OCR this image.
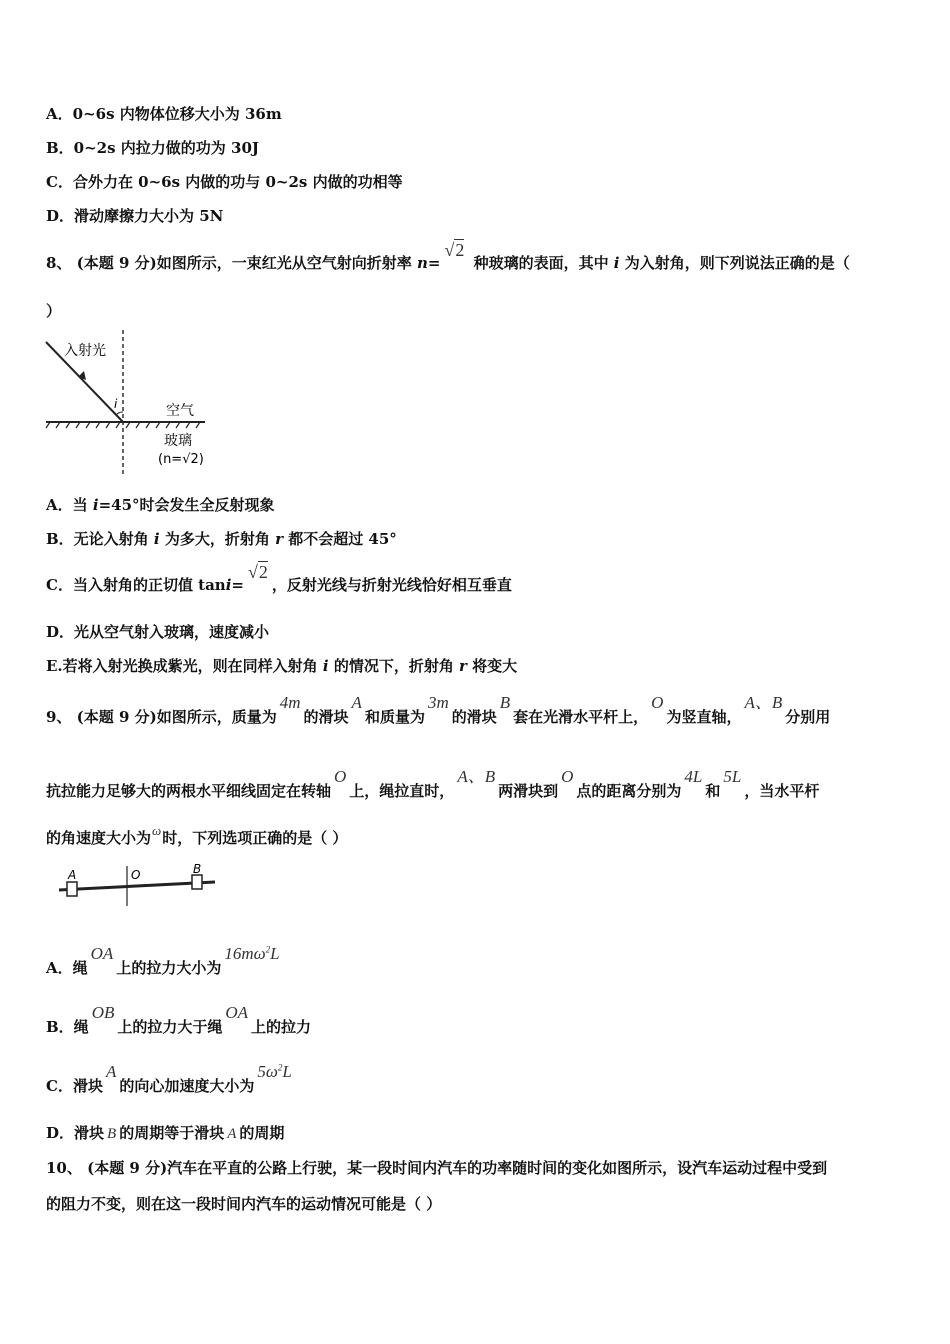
A．0~6s 内物体位移大小为 36m
B．0~2s 内拉力做的功为 30J
C．合外力在 0~6s 内做的功与 0~2s 内做的功相等
D．滑动摩擦力大小为 5N
8、 (本题 9 分)如图所示，一束红光从空气射向折射率 n=√2 种玻璃的表面，其中 i 为入射角，则下列说法正确的是（
）
入射光
i	空气
玻璃
(n=√2)
A．当 i=45°时会发生全反射现象
B．无论入射角 i 为多大，折射角 r 都不会超过 45°
C．当入射角的正切值 tani=√2，反射光线与折射光线恰好相互垂直
D．光从空气射入玻璃，速度减小
E.若将入射光换成紫光，则在同样入射角 i 的情况下，折射角 r 将变大
9、 (本题 9 分)如图所示，质量为4m的滑块A和质量为3m的滑块B套在光滑水平杆上，O为竖直轴，A、B分别用
抗拉能力足够大的两根水平细线固定在转轴O上，绳拉直时，A、B两滑块到O点的距离分别为4L和5L，当水平杆
的角速度大小为ω时，下列选项正确的是（ ）
A	O	B
A．绳OA上的拉力大小为$16m\omega^2L$
B．绳OB上的拉力大于绳OA上的拉力
C．滑块A的向心加速度大小为$5\omega^2L$
D．滑块 B 的周期等于滑块 A 的周期
10、 (本题 9 分)汽车在平直的公路上行驶，某一段时间内汽车的功率随时间的变化如图所示，设汽车运动过程中受到
的阻力不变，则在这一段时间内汽车的运动情况可能是（ ）
